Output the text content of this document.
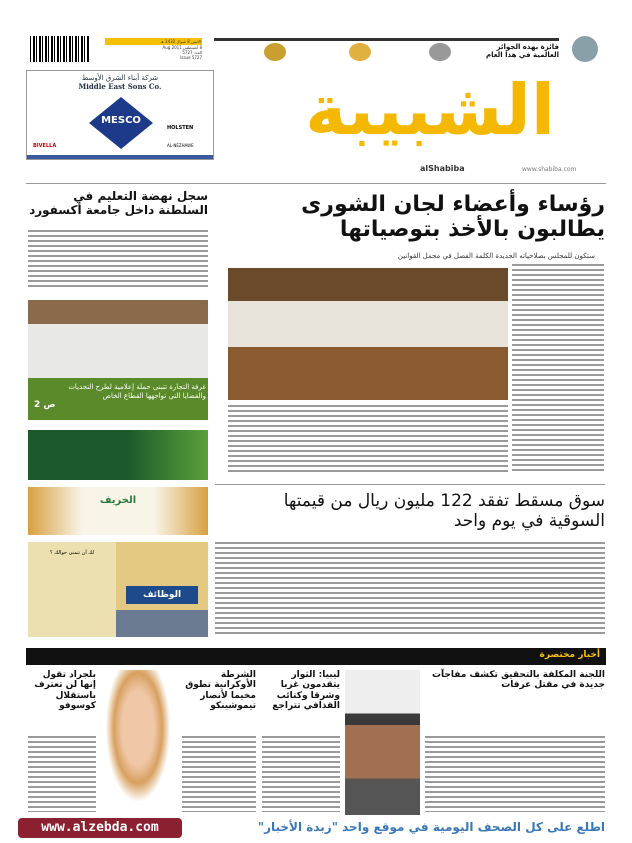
الاثنين 8 شوال 1432 هـ
8 أغسطس 2011 Aug
العدد 5727
Issue 5727
فائزة بهذه الجوائز العالمية في هذا العام
شركة أبناء الشرق الأوسط
Middle East Sons Co.
MESCO
HOLSTEN
BIVELLA	AL-NEZHAWE	الشبيبة
alShabiba	www.shabiba.com
رؤساء وأعضاء لجان الشورى يطالبون بالأخذ بتوصياتها
ستكون للمجلس بصلاحياته الجديدة الكلمة الفصل في مجمل القوانين
سوق مسقط تفقد 122 مليون ريال من قيمتها السوقية في يوم واحد
سجل نهضة التعليم في السلطنة داخل جامعة أكسفورد
غرفة التجارة تتبنى حملة إعلامية لطرح التحديات والقضايا التي تواجهها القطاع الخاص
ص 2
الخريف
لك أن تتمنى حوالك ؟
الوظائف
أخبار مختصرة
اللجنة المكلفة بالتحقيق تكشف مفاجآت جديدة في مقتل عرفات
ليبيا: الثوار يتقدمون غربا وشرقا وكتائب القذافي تتراجع
الشرطة الأوكرانية تطوق مخيما لأنصار تيموشينكو
بلجراد تقول إنها لن تعترف باستقلال كوسوفو
اطلع على كل الصحف اليومية في موقع واحد "زبدة الأخبار"
www.alzebda.com
